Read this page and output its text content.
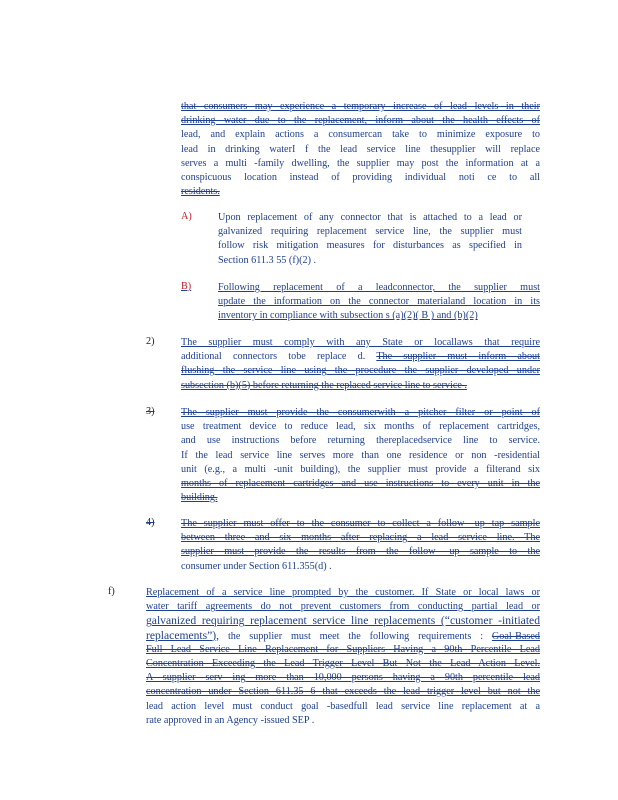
that consumers may experience a temporary increase of lead levels in their
drinking water due to the replacement, inform about the health effects of
lead, and explain actions a consumercan take to minimize exposure to
lead in drinking waterI f the lead service line thesupplier will replace
serves a multi -family dwelling, the supplier may post the information at a
conspicuous location instead of providing individual noti ce to all
residents.
A)	Upon replacement of any connector that is attached to a lead or
galvanized requiring replacement service line, the supplier must
follow risk mitigation measures for disturbances as specified in
Section 611.3 55 (f)(2) .
B)	Following replacement of a leadconnector, the supplier must
update the information on the connector materialand location in its
inventory in compliance with subsection s (a)(2)( B ) and (b)(2)
2)	The supplier must comply with any State or locallaws that require
additional connectors tobe replace d. The supplier must inform about
flushing the service line using the procedure the supplier developed under
subsection (b)(5) before returning the replaced service line to service .
3)	The supplier must provide the consumerwith a pitcher filter or point of
use treatment device to reduce lead, six months of replacement cartridges,
and use instructions before returning thereplacedservice line to service.
If the lead service line serves more than one residence or non -residential
unit (e.g., a multi -unit building), the supplier must provide a filterand six
months of replacement cartridges and use instructions to every unit in the
building.
4)	The supplier must offer to the consumer to collect a follow -up tap sample
between three and six months after replacing a lead service line. The
supplier must provide the results from the follow -up sample to the
consumer under Section 611.355(d) .
f)	Replacement of a service line prompted by the customer. If State or local laws or
water tariff agreements do not prevent customers from conducting partial lead or
galvanized requiring replacement service line replacements (“customer -initiated
replacements”), the supplier must meet the following requirements : Goal-Based
Full Lead Service Line Replacement for Suppliers Having a 90th Percentile Lead
Concentration Exceeding the Lead Trigger Level But Not the Lead Action Level.
A supplier serv ing more than 10,000 persons having a 90th percentile lead
concentration under Section 611.35 6 that exceeds the lead trigger level but not the
lead action level must conduct goal -basedfull lead service line replacement at a
rate approved in an Agency -issued SEP .
